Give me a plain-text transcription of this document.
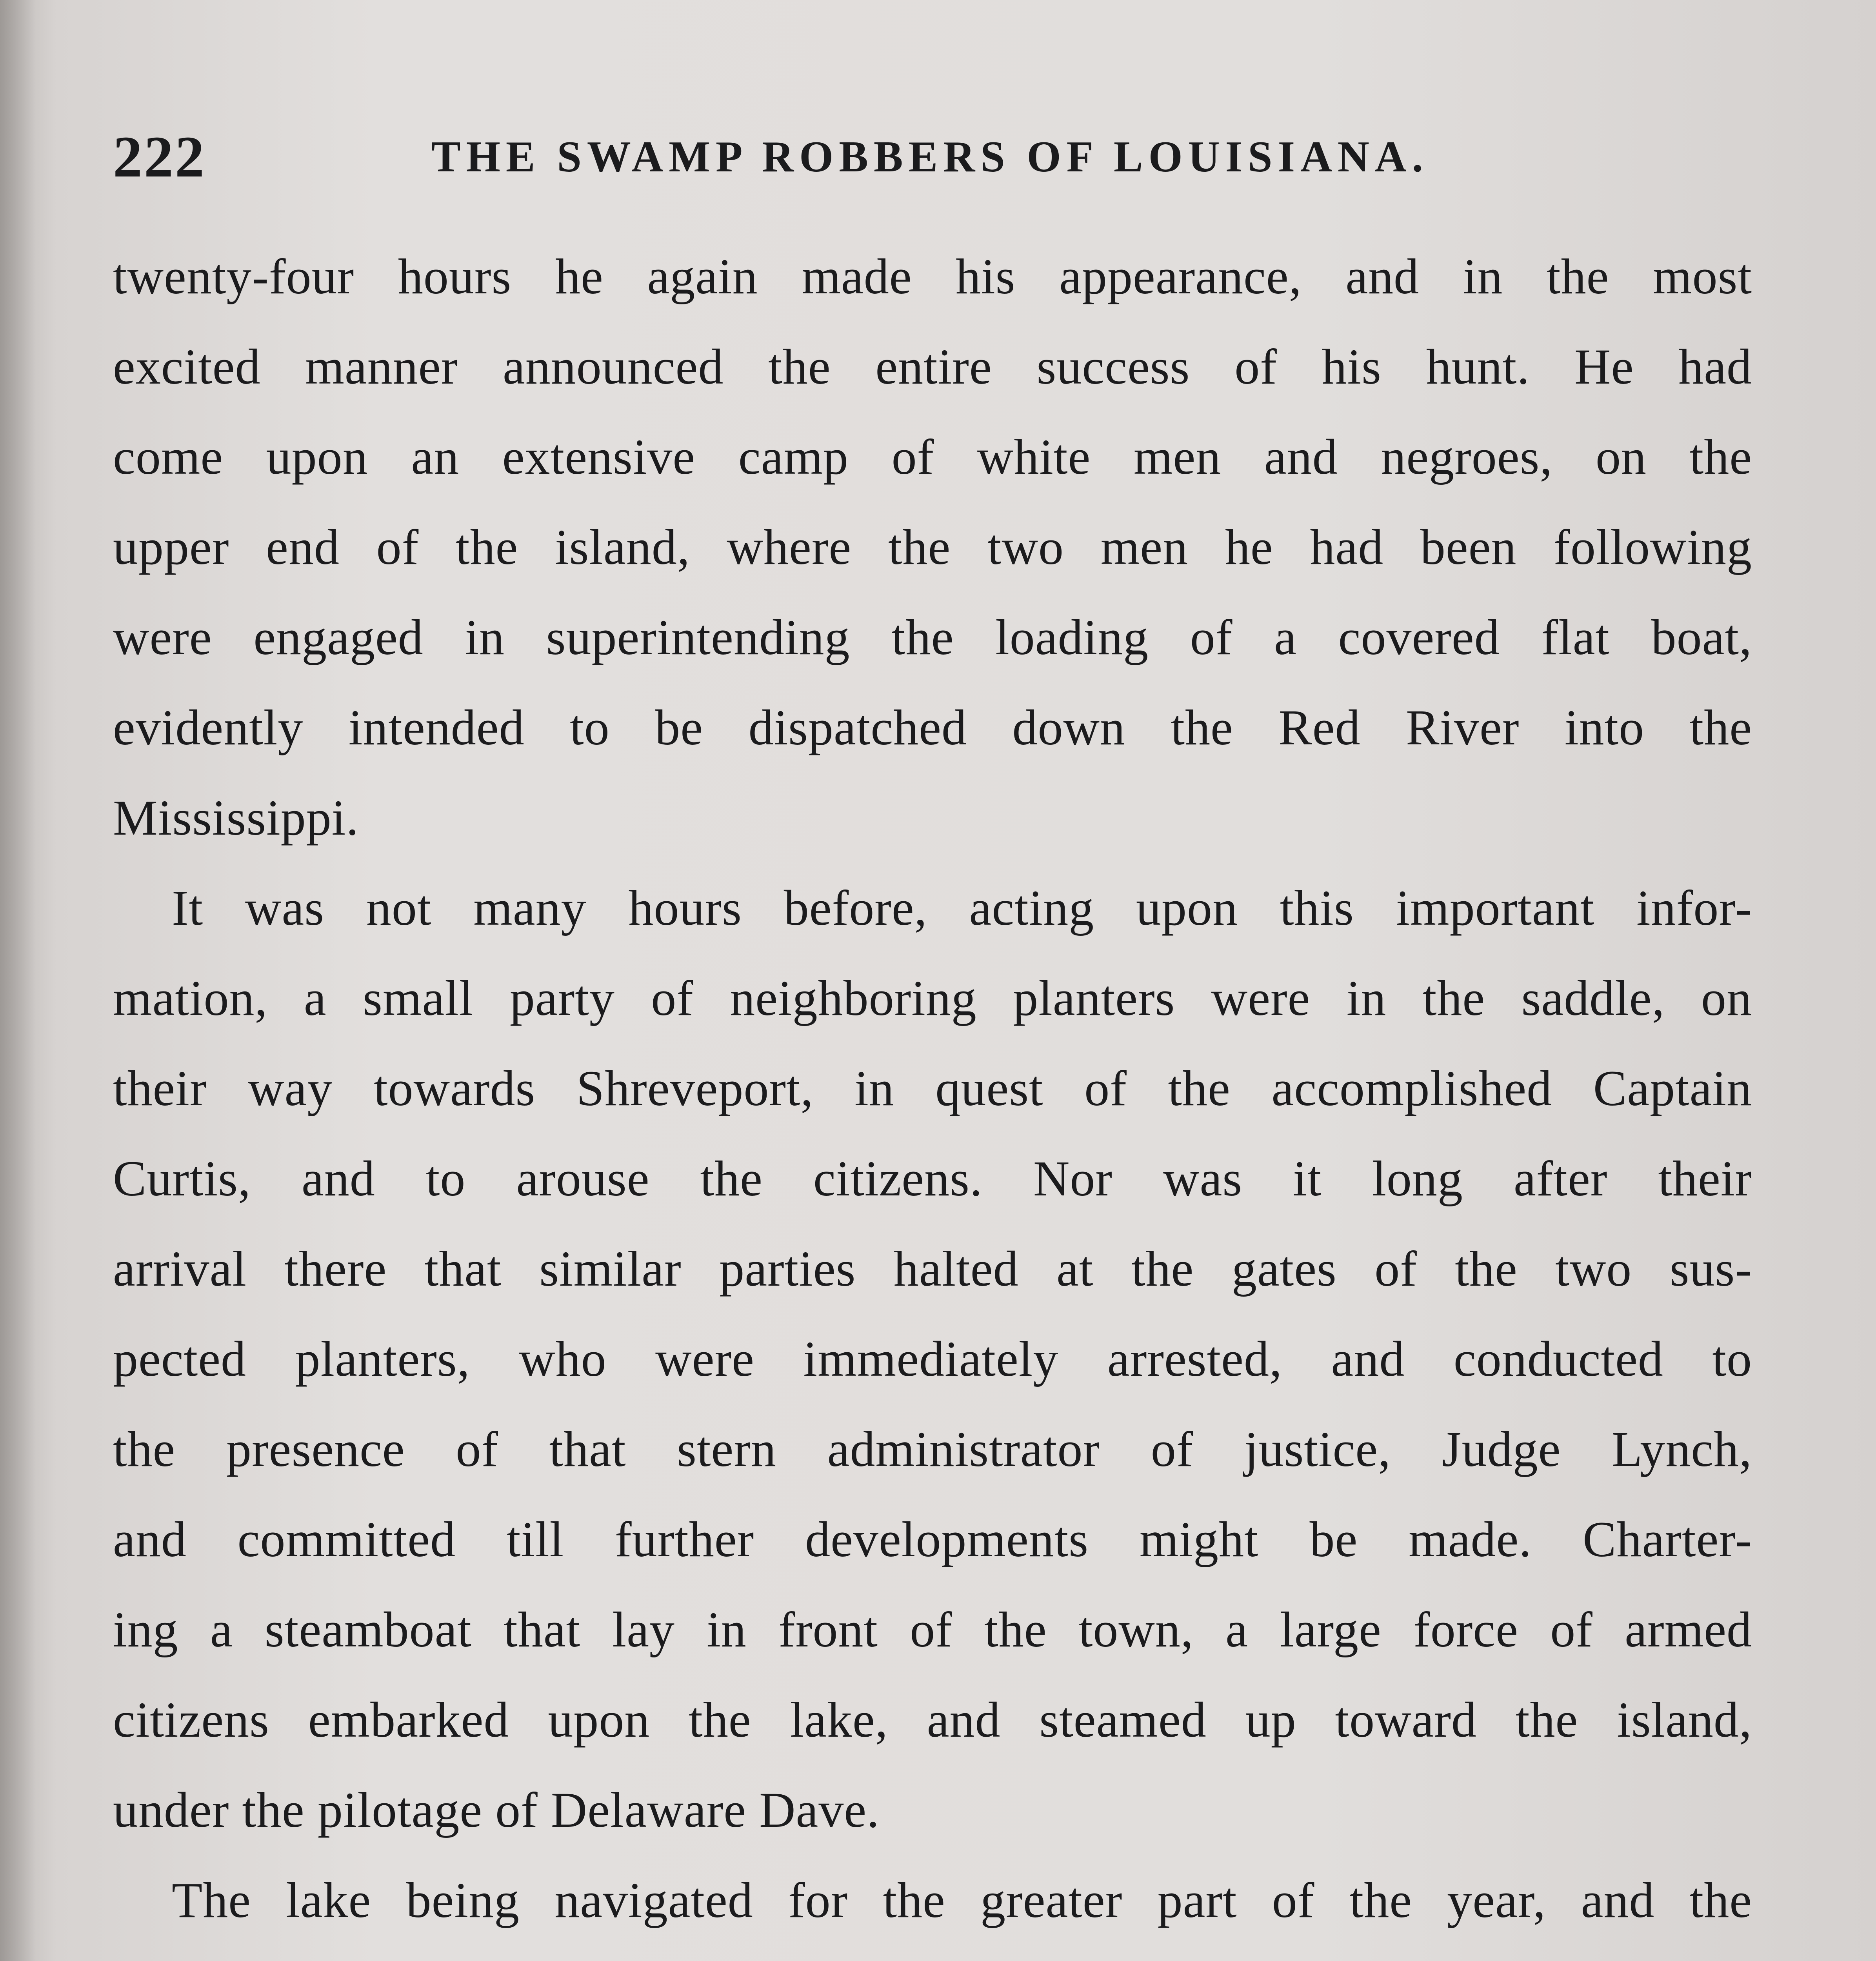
222	THE SWAMP ROBBERS OF LOUISIANA.
twenty-four hours he again made his appearance, and in the most
excited manner announced the entire success of his hunt. He had
come upon an extensive camp of white men and negroes, on the
upper end of the island, where the two men he had been following
were engaged in superintending the loading of a covered flat boat,
evidently intended to be dispatched down the Red River into the
Mississippi.
It was not many hours before, acting upon this important infor-
mation, a small party of neighboring planters were in the saddle, on
their way towards Shreveport, in quest of the accomplished Captain
Curtis, and to arouse the citizens. Nor was it long after their
arrival there that similar parties halted at the gates of the two sus-
pected planters, who were immediately arrested, and conducted to
the presence of that stern administrator of justice, Judge Lynch,
and committed till further developments might be made. Charter-
ing a steamboat that lay in front of the town, a large force of armed
citizens embarked upon the lake, and steamed up toward the island,
under the pilotage of Delaware Dave.
The lake being navigated for the greater part of the year, and the
